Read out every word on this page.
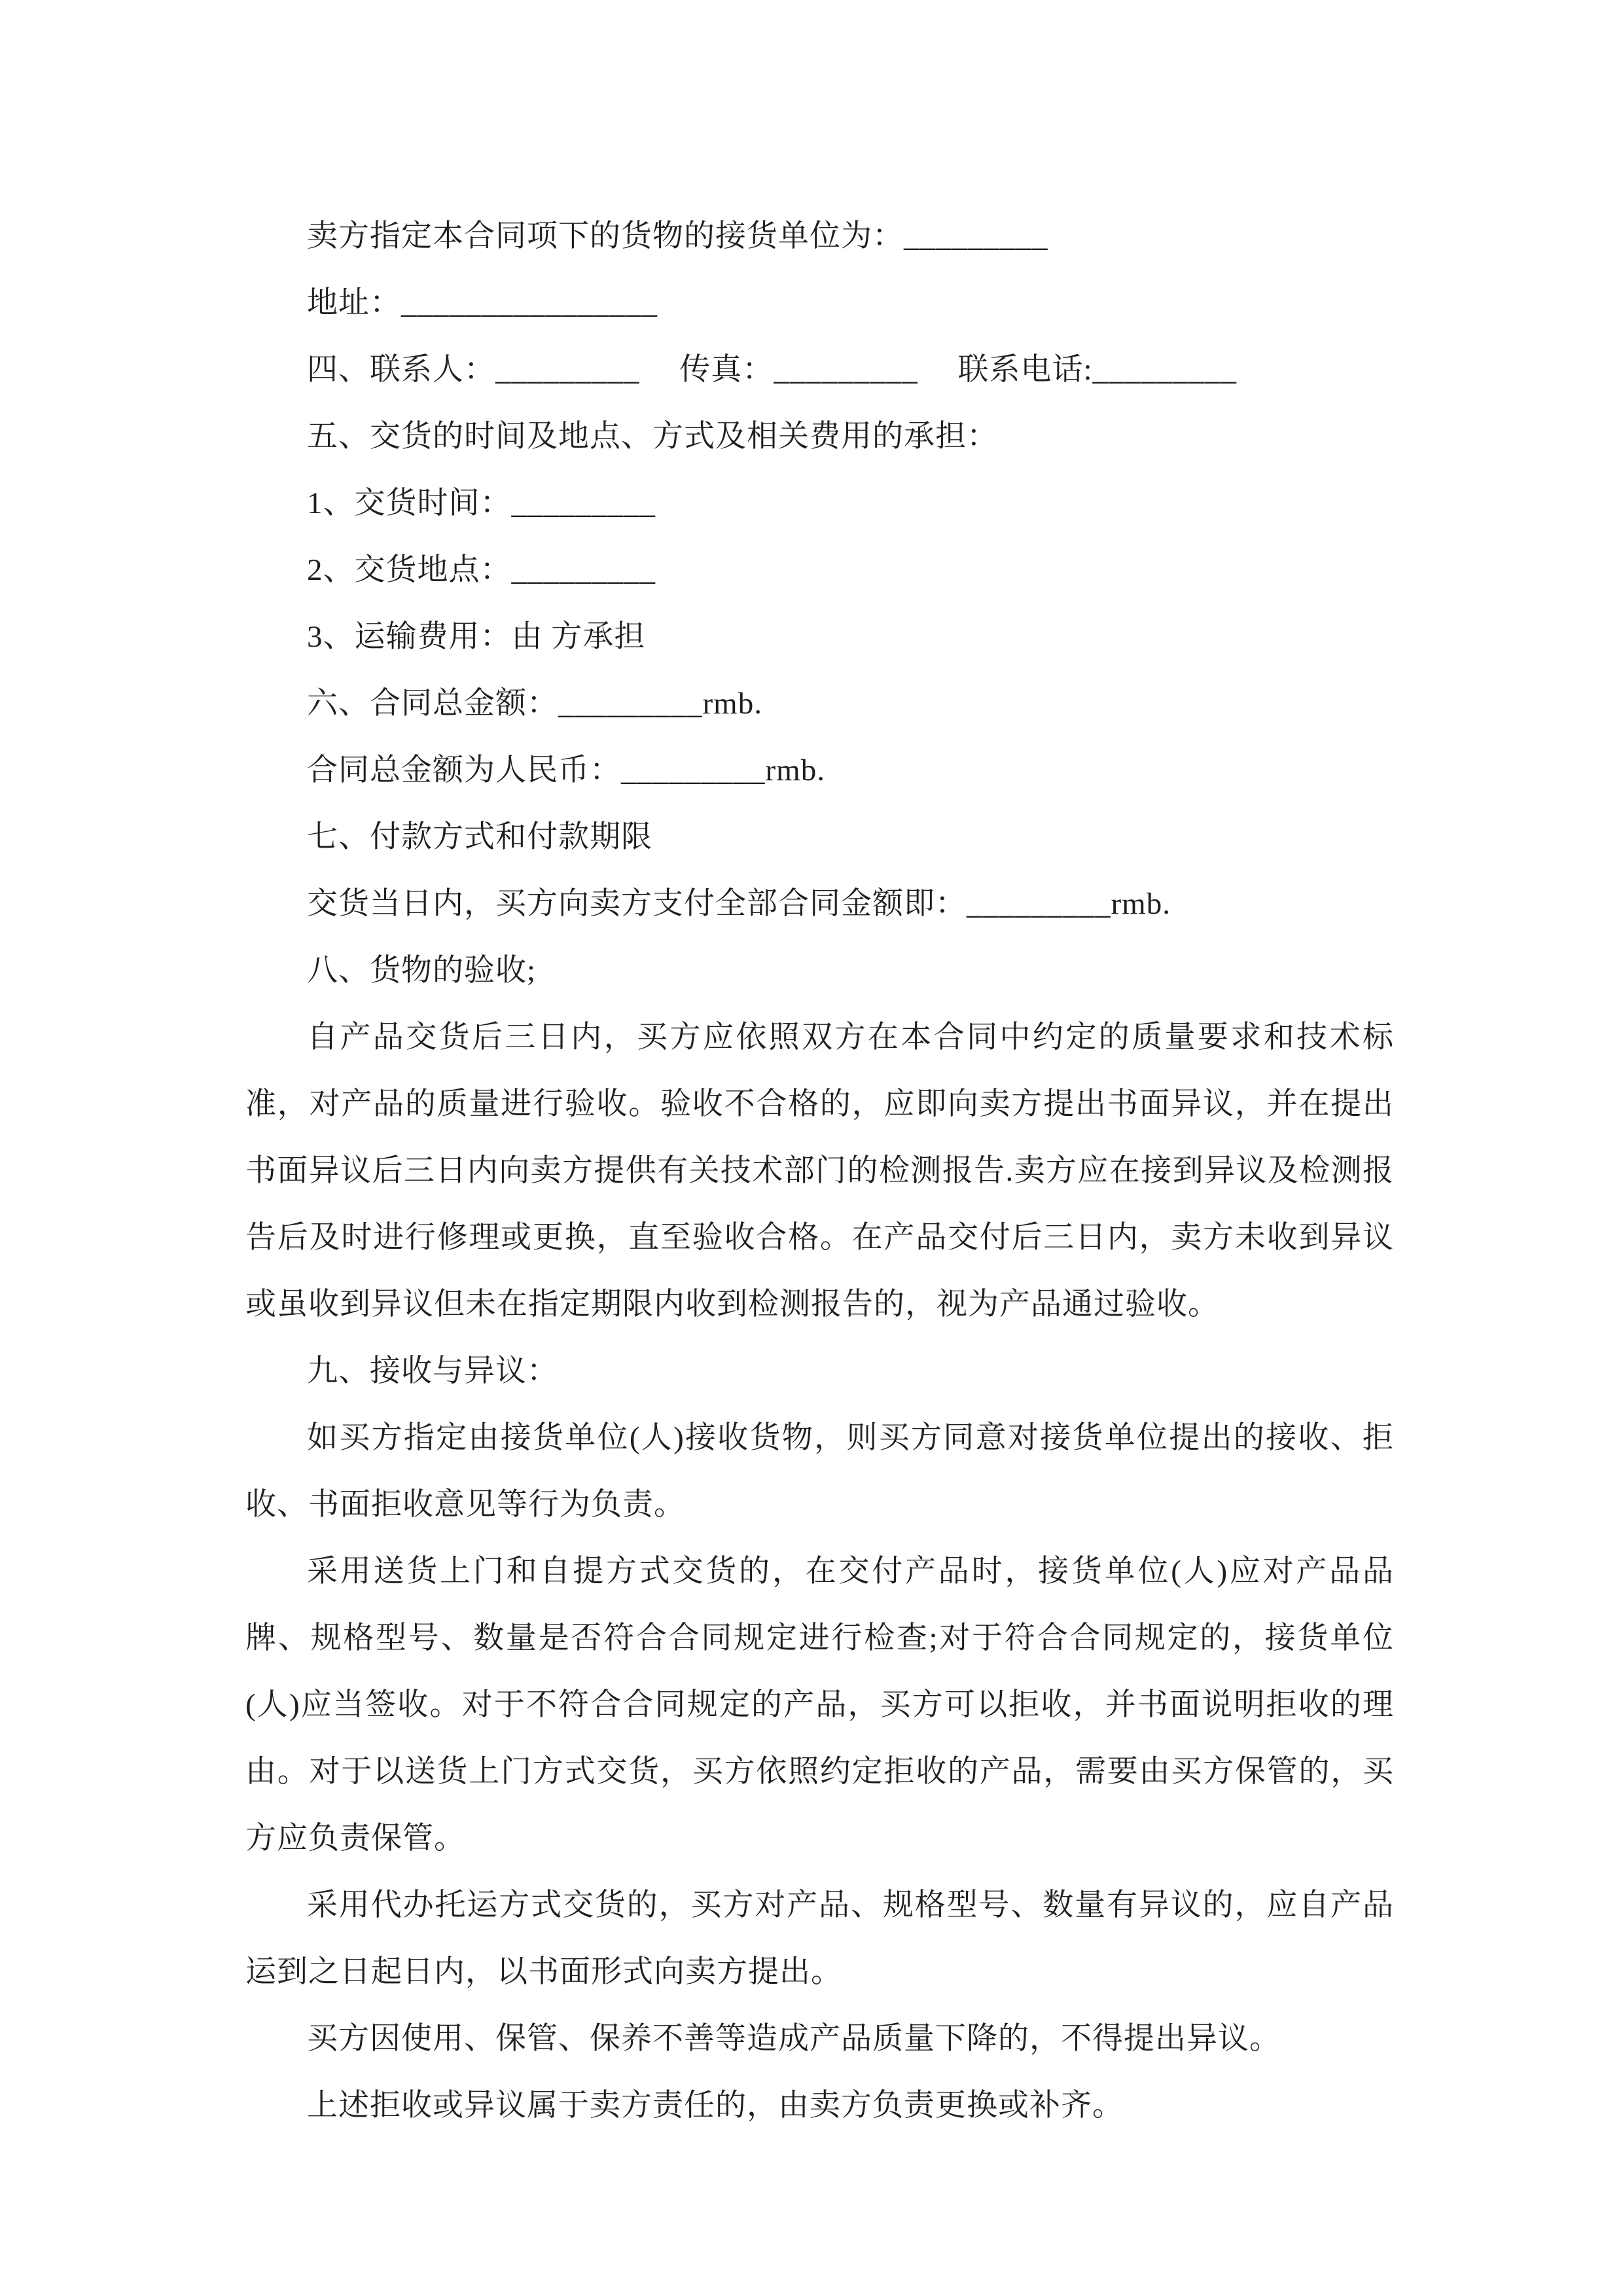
卖方指定本合同项下的货物的接货单位为：_________

地址：________________

四、联系人：_________　 传真：_________　 联系电话:_________

五、交货的时间及地点、方式及相关费用的承担：

1、交货时间：_________

2、交货地点：_________

3、运输费用：由 方承担

六、合同总金额：_________rmb.

合同总金额为人民币：_________rmb.

七、付款方式和付款期限

交货当日内，买方向卖方支付全部合同金额即：_________rmb.

八、货物的验收;

自产品交货后三日内，买方应依照双方在本合同中约定的质量要求和技术标准，对产品的质量进行验收。验收不合格的，应即向卖方提出书面异议，并在提出书面异议后三日内向卖方提供有关技术部门的检测报告.卖方应在接到异议及检测报告后及时进行修理或更换，直至验收合格。在产品交付后三日内，卖方未收到异议或虽收到异议但未在指定期限内收到检测报告的，视为产品通过验收。

九、接收与异议：

如买方指定由接货单位(人)接收货物，则买方同意对接货单位提出的接收、拒收、书面拒收意见等行为负责。

采用送货上门和自提方式交货的，在交付产品时，接货单位(人)应对产品品牌、规格型号、数量是否符合合同规定进行检查;对于符合合同规定的，接货单位(人)应当签收。对于不符合合同规定的产品，买方可以拒收，并书面说明拒收的理由。对于以送货上门方式交货，买方依照约定拒收的产品，需要由买方保管的，买方应负责保管。

采用代办托运方式交货的，买方对产品、规格型号、数量有异议的，应自产品运到之日起日内，以书面形式向卖方提出。

买方因使用、保管、保养不善等造成产品质量下降的，不得提出异议。

上述拒收或异议属于卖方责任的，由卖方负责更换或补齐。
